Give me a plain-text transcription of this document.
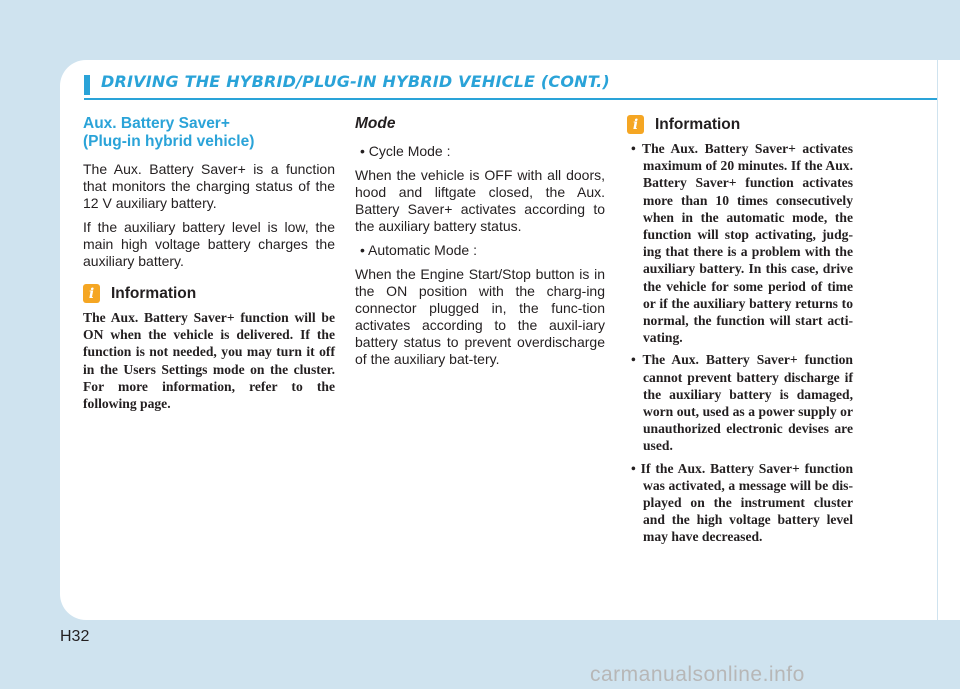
DRIVING THE HYBRID/PLUG-IN HYBRID VEHICLE (CONT.)
Aux. Battery Saver+
(Plug-in hybrid vehicle)

The Aux. Battery Saver+ is a function that monitors the charging status of the 12 V auxiliary battery.

If the auxiliary battery level is low, the main high voltage battery charges the auxiliary battery.

i	Information

The Aux. Battery Saver+ function will be ON when the vehicle is delivered. If the function is not needed, you may turn it off in the Users Settings mode on the cluster. For more information, refer to the following page.

Mode
• Cycle Mode :

When the vehicle is OFF with all doors, hood and liftgate closed, the Aux. Battery Saver+ activates according to the auxiliary battery status.

• Automatic Mode :

When the Engine Start/Stop button is in the ON position with the charg-ing connector plugged in, the func-tion activates according to the auxil-iary battery status to prevent overdischarge of the auxiliary bat-tery.

i	Information
• The Aux. Battery Saver+ activates maximum of 20 minutes. If the Aux. Battery Saver+ function activates more than 10 times consecutively when in the automatic mode, the function will stop activating, judg-ing that there is a problem with the auxiliary battery. In this case, drive the vehicle for some period of time or if the auxiliary battery returns to normal, the function will start acti-vating.
• The Aux. Battery Saver+ function cannot prevent battery discharge if the auxiliary battery is damaged, worn out, used as a power supply or unauthorized electronic devises are used.
• If the Aux. Battery Saver+ function was activated, a message will be dis-played on the instrument cluster and the high voltage battery level may have decreased.
H32
carmanualsonline.info
